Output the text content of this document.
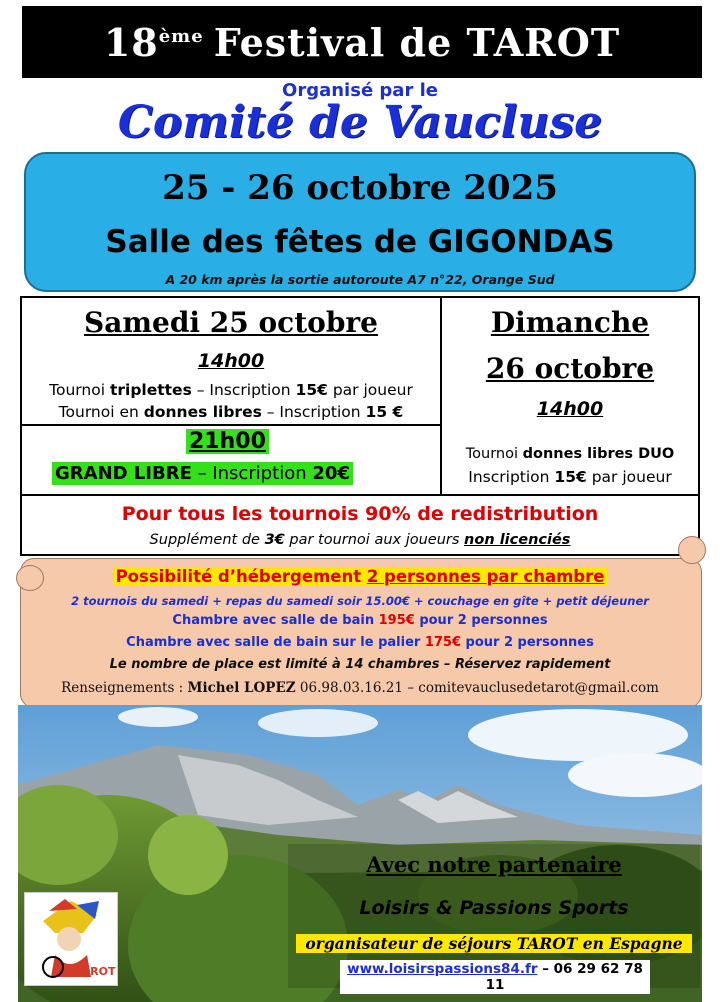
18ème Festival de TAROT
Organisé par le
Comité de Vaucluse
25 - 26 octobre 2025
Salle des fêtes de GIGONDAS
A 20 km après la sortie autoroute A7 n°22, Orange Sud
Samedi 25 octobre
14h00
Tournoi triplettes – Inscription 15€ par joueur
Tournoi en donnes libres – Inscription 15 €
21h00
GRAND LIBRE – Inscription 20€
Dimanche
26 octobre
14h00
Tournoi donnes libres DUO
Inscription 15€ par joueur
Pour tous les tournois 90% de redistribution
Supplément de 3€ par tournoi aux joueurs non licenciés
Possibilité d’hébergement 2 personnes par chambre
2 tournois du samedi + repas du samedi soir 15.00€ + couchage en gîte + petit déjeuner
Chambre avec salle de bain 195€ pour 2 personnes
Chambre avec salle de bain sur le palier 175€ pour 2 personnes
Le nombre de place est limité à 14 chambres – Réservez rapidement
Renseignements : Michel LOPEZ 06.98.03.16.21 – comitevauclusedetarot@gmail.com
TAROT
Avec notre partenaire
Loisirs & Passions Sports
organisateur de séjours TAROT en Espagne
www.loisirspassions84.fr – 06 29 62 78 11
